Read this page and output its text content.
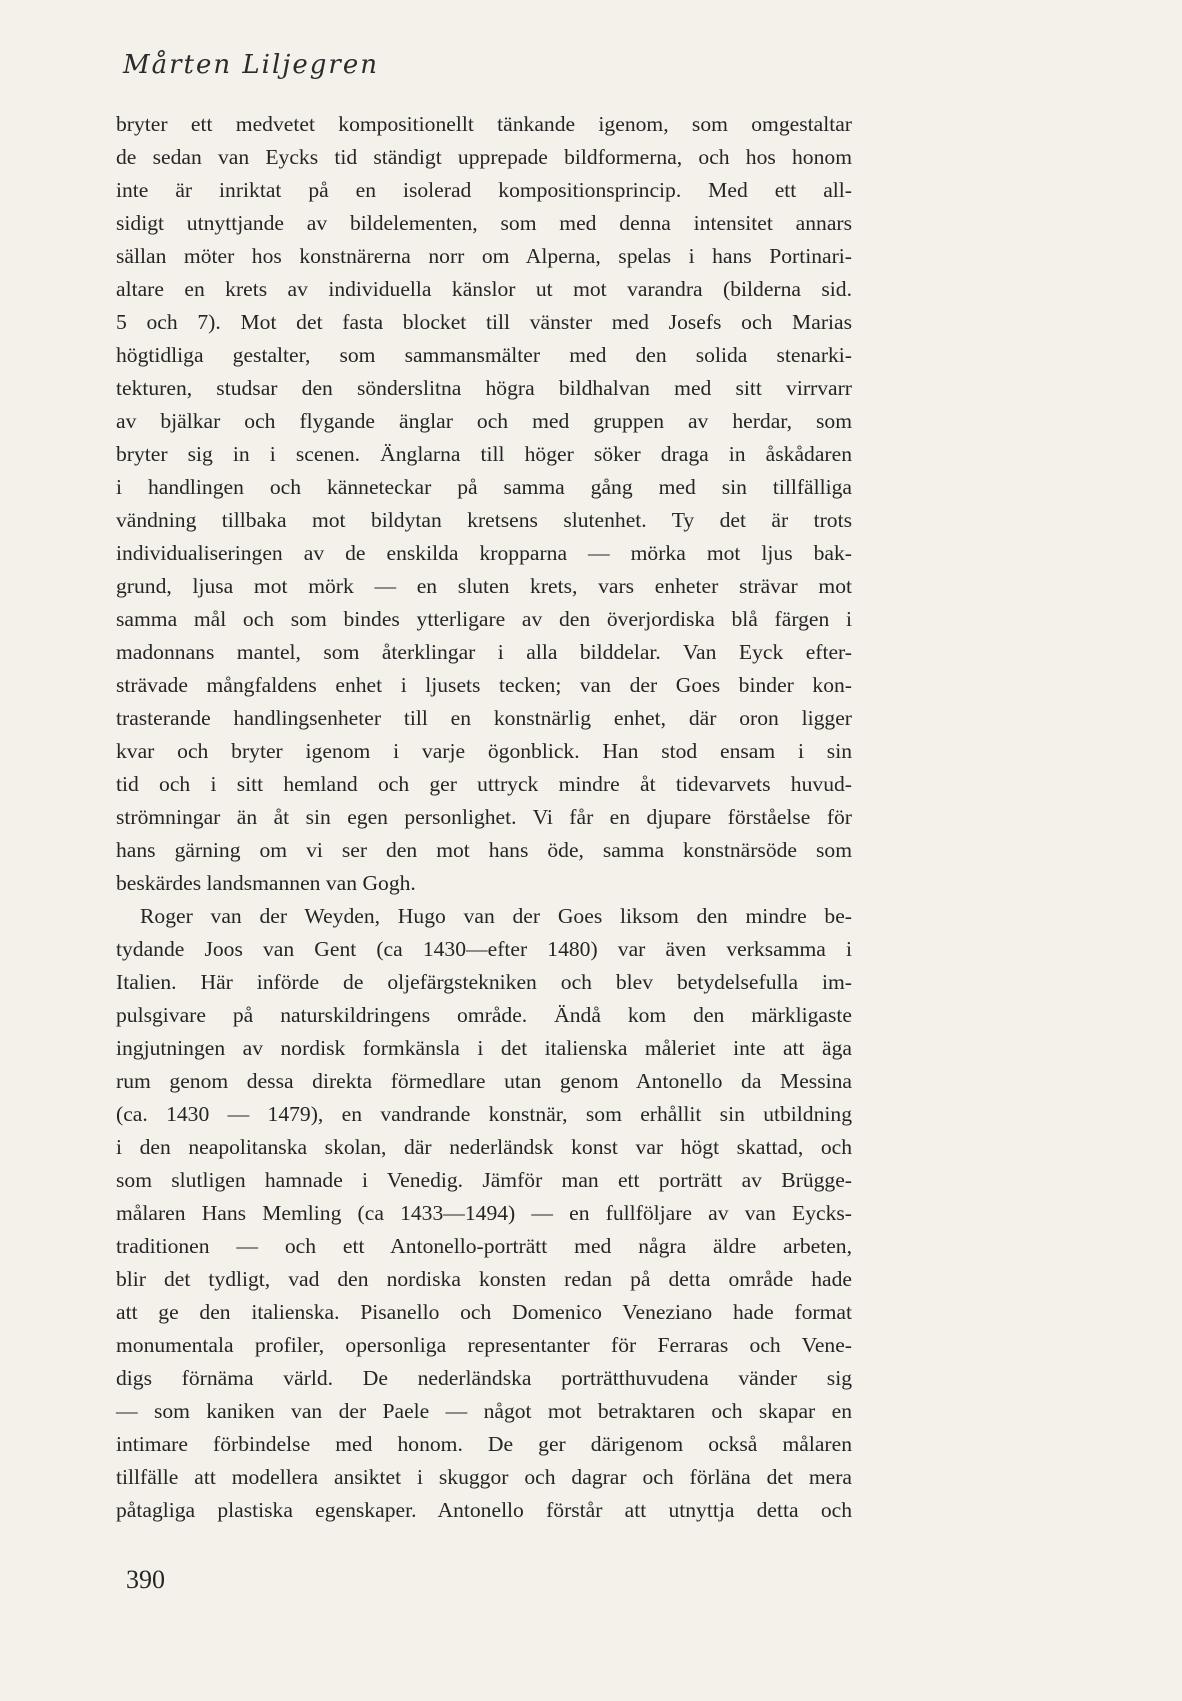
Mårten Liljegren
bryter ett medvetet kompositionellt tänkande igenom, som omgestaltar
de sedan van Eycks tid ständigt upprepade bildformerna, och hos honom
inte är inriktat på en isolerad kompositionsprincip. Med ett all-
sidigt utnyttjande av bildelementen, som med denna intensitet annars
sällan möter hos konstnärerna norr om Alperna, spelas i hans Portinari-
altare en krets av individuella känslor ut mot varandra (bilderna sid.
5 och 7). Mot det fasta blocket till vänster med Josefs och Marias
högtidliga gestalter, som sammansmälter med den solida stenarki-
tekturen, studsar den sönderslitna högra bildhalvan med sitt virrvarr
av bjälkar och flygande änglar och med gruppen av herdar, som
bryter sig in i scenen. Änglarna till höger söker draga in åskådaren
i handlingen och känneteckar på samma gång med sin tillfälliga
vändning tillbaka mot bildytan kretsens slutenhet. Ty det är trots
individualiseringen av de enskilda kropparna — mörka mot ljus bak-
grund, ljusa mot mörk — en sluten krets, vars enheter strävar mot
samma mål och som bindes ytterligare av den överjordiska blå färgen i
madonnans mantel, som återklingar i alla bilddelar. Van Eyck efter-
strävade mångfaldens enhet i ljusets tecken; van der Goes binder kon-
trasterande handlingsenheter till en konstnärlig enhet, där oron ligger
kvar och bryter igenom i varje ögonblick. Han stod ensam i sin
tid och i sitt hemland och ger uttryck mindre åt tidevarvets huvud-
strömningar än åt sin egen personlighet. Vi får en djupare förståelse för
hans gärning om vi ser den mot hans öde, samma konstnärsöde som
beskärdes landsmannen van Gogh.
Roger van der Weyden, Hugo van der Goes liksom den mindre be-
tydande Joos van Gent (ca 1430—efter 1480) var även verksamma i
Italien. Här införde de oljefärgstekniken och blev betydelsefulla im-
pulsgivare på naturskildringens område. Ändå kom den märkligaste
ingjutningen av nordisk formkänsla i det italienska måleriet inte att äga
rum genom dessa direkta förmedlare utan genom Antonello da Messina
(ca. 1430 — 1479), en vandrande konstnär, som erhållit sin utbildning
i den neapolitanska skolan, där nederländsk konst var högt skattad, och
som slutligen hamnade i Venedig. Jämför man ett porträtt av Brügge-
målaren Hans Memling (ca 1433—1494) — en fullföljare av van Eycks-
traditionen — och ett Antonello-porträtt med några äldre arbeten,
blir det tydligt, vad den nordiska konsten redan på detta område hade
att ge den italienska. Pisanello och Domenico Veneziano hade format
monumentala profiler, opersonliga representanter för Ferraras och Vene-
digs förnäma värld. De nederländska porträtthuvudena vänder sig
— som kaniken van der Paele — något mot betraktaren och skapar en
intimare förbindelse med honom. De ger därigenom också målaren
tillfälle att modellera ansiktet i skuggor och dagrar och förläna det mera
påtagliga plastiska egenskaper. Antonello förstår att utnyttja detta och
390
